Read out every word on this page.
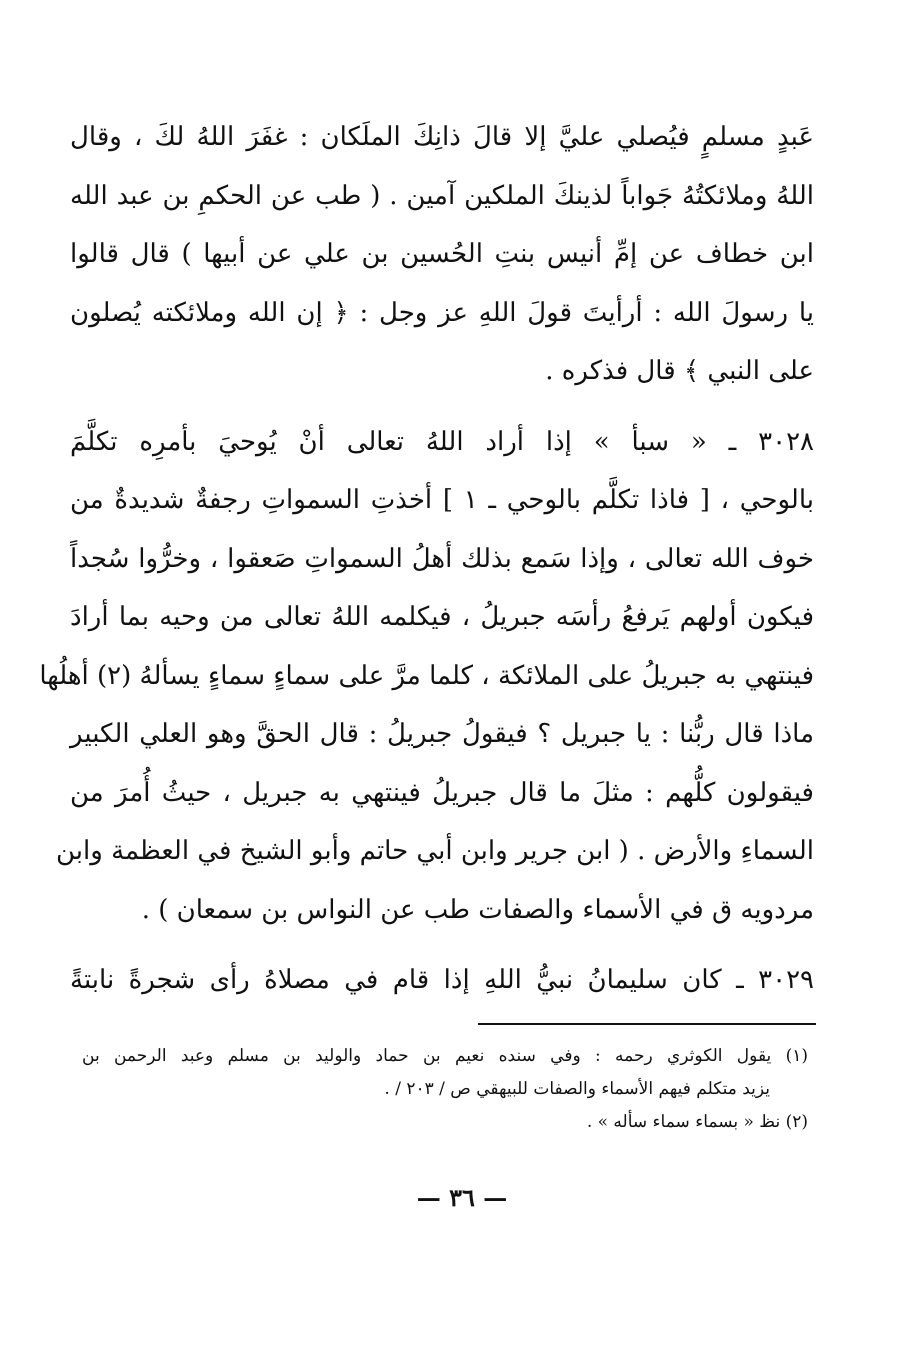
عَبدٍ مسلمٍ فيُصلي عليَّ إلا قالَ ذانِكَ الملَكان : غفَرَ اللهُ لكَ ، وقال
اللهُ وملائكتُهُ جَواباً لذينكَ الملكين آمين . ( طب عن الحكمِ بن عبد الله
ابن خطاف عن إمِّ أنيس بنتِ الحُسين بن علي عن أبيها ) قال قالوا
يا رسولَ الله : أرأيتَ قولَ اللهِ عز وجل : ﴿ إن الله وملائكته يُصلون
على النبي ﴾ قال فذكره .
٣٠٢٨ ـ « سبأ » إذا أراد اللهُ تعالى أنْ يُوحيَ بأمرِه تكلَّمَ
بالوحي ، [ فاذا تكلَّم بالوحي ـ ١ ] أخذتِ السمواتِ رجفةٌ شديدةٌ من
خوف الله تعالى ، وإذا سَمع بذلك أهلُ السمواتِ صَعقوا ، وخرُّوا سُجداً
فيكون أولهم يَرفعُ رأسَه جبريلُ ، فيكلمه اللهُ تعالى من وحيه بما أرادَ
فينتهي به جبريلُ على الملائكة ، كلما مرَّ على سماءٍ سماءٍ يسألهُ (٢) أهلُها
ماذا قال ربُّنا : يا جبريل ؟ فيقولُ جبريلُ : قال الحقَّ وهو العلي الكبير
فيقولون كلُّهم : مثلَ ما قال جبريلُ فينتهي به جبريل ، حيثُ أُمرَ من
السماءِ والأرض . ( ابن جرير وابن أبي حاتم وأبو الشيخ في العظمة وابن
مردويه ق في الأسماء والصفات طب عن النواس بن سمعان ) .
٣٠٢٩ ـ كان سليمانُ نبيُّ اللهِ إذا قام في مصلاهُ رأى شجرةً نابتةً
(١) يقول الكوثري رحمه : وفي سنده نعيم بن حماد والوليد بن مسلم وعبد الرحمن بن
يزيد متكلم فيهم الأسماء والصفات للبيهقي ص / ٢٠٣ / .
(٢) نظ « بسماء سماء سأله » .
— ٣٦ —
